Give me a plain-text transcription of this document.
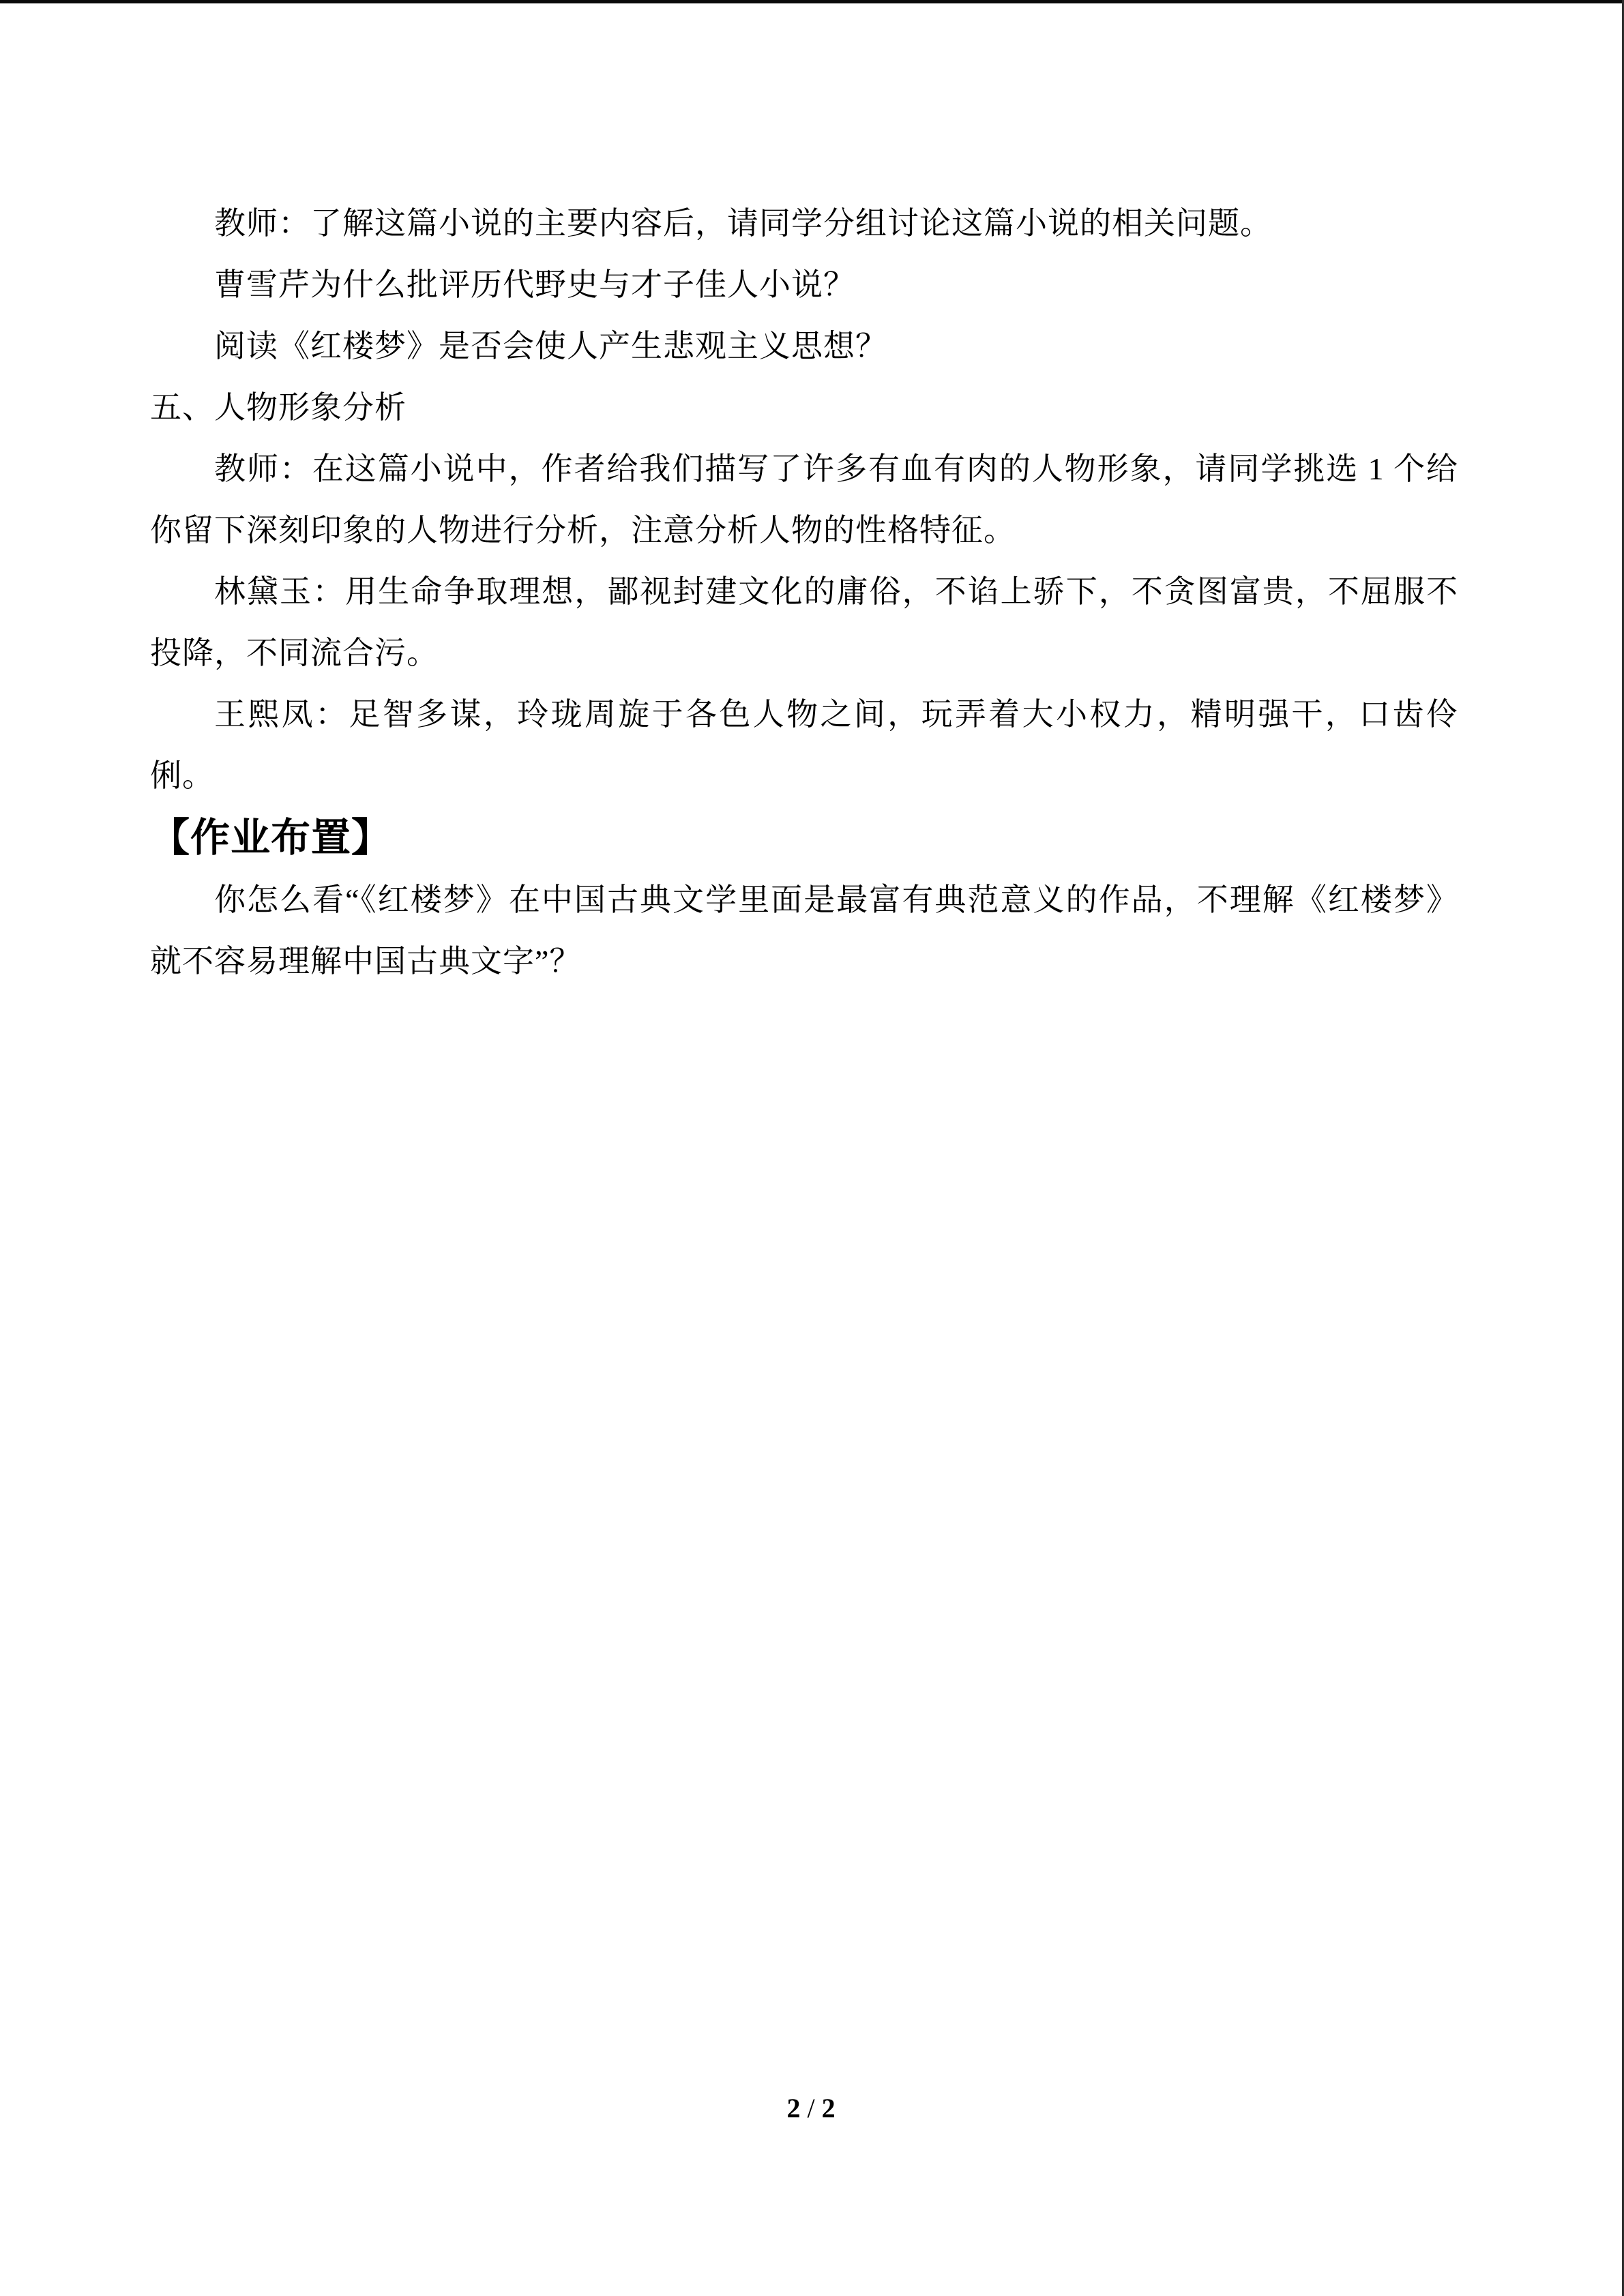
教师：了解这篇小说的主要内容后，请同学分组讨论这篇小说的相关问题。

曹雪芹为什么批评历代野史与才子佳人小说？

阅读《红楼梦》是否会使人产生悲观主义思想？

五、人物形象分析

教师：在这篇小说中，作者给我们描写了许多有血有肉的人物形象，请同学挑选 1 个给你留下深刻印象的人物进行分析，注意分析人物的性格特征。

林黛玉：用生命争取理想，鄙视封建文化的庸俗，不谄上骄下，不贪图富贵，不屈服不投降，不同流合污。

王熙凤：足智多谋，玲珑周旋于各色人物之间，玩弄着大小权力，精明强干，口齿伶俐。

【作业布置】

你怎么看“《红楼梦》在中国古典文学里面是最富有典范意义的作品，不理解《红楼梦》就不容易理解中国古典文字”？

2 / 2
